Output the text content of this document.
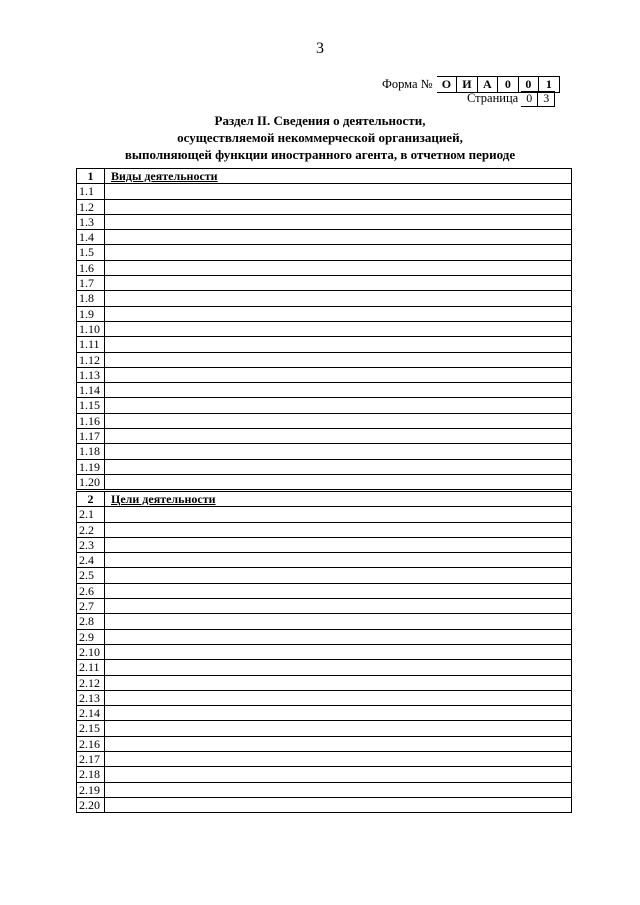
3
Форма № О И А	0	0	1
Страница 0 3
Раздел II. Сведения о деятельности,
осуществляемой некоммерческой организацией,
выполняющей функции иностранного агента, в отчетном периоде
1	Виды деятельности
1.1
1.2
1.3
1.4
1.5
1.6
1.7
1.8
1.9
1.10
1.11
1.12
1.13
1.14
1.15
1.16
1.17
1.18
1.19
1.20
2	Цели деятельности
2.1
2.2
2.3
2.4
2.5
2.6
2.7
2.8
2.9
2.10
2.11
2.12
2.13
2.14
2.15
2.16
2.17
2.18
2.19
2.20
